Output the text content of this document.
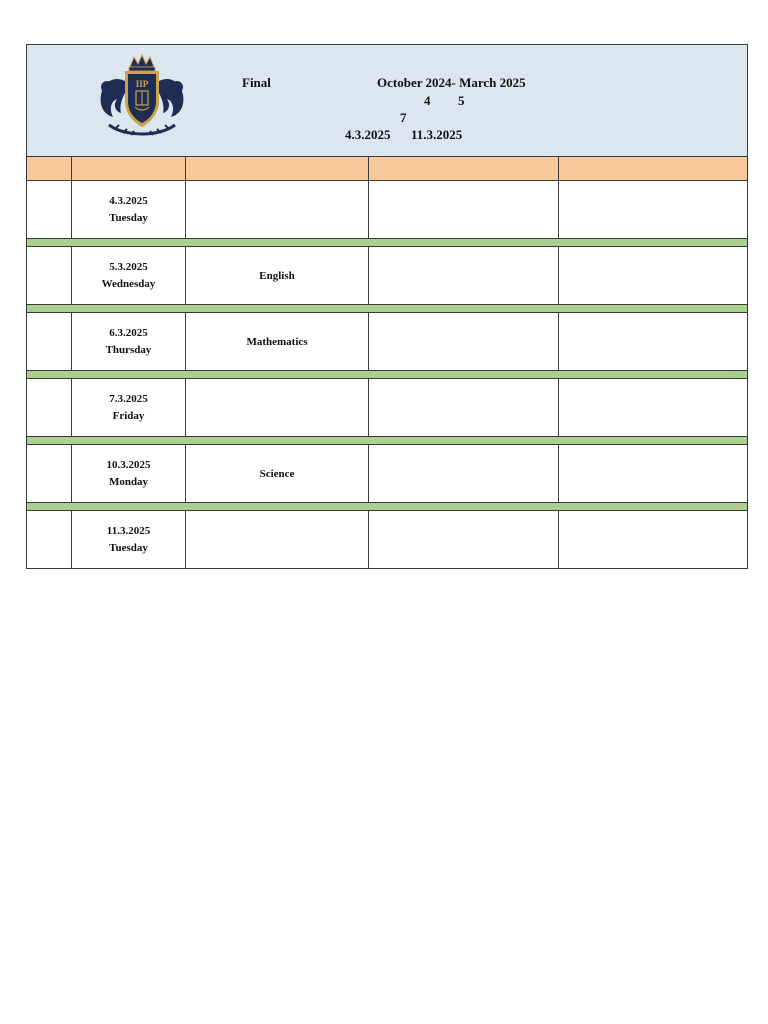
IIP	Final	October 2024- March 2025
4 5
7
4.3.2025 11.3.2025
4.3.2025
Tuesday
5.3.2025
Wednesday
English
6.3.2025
Thursday
Mathematics
7.3.2025
Friday
10.3.2025
Monday
Science
11.3.2025
Tuesday
